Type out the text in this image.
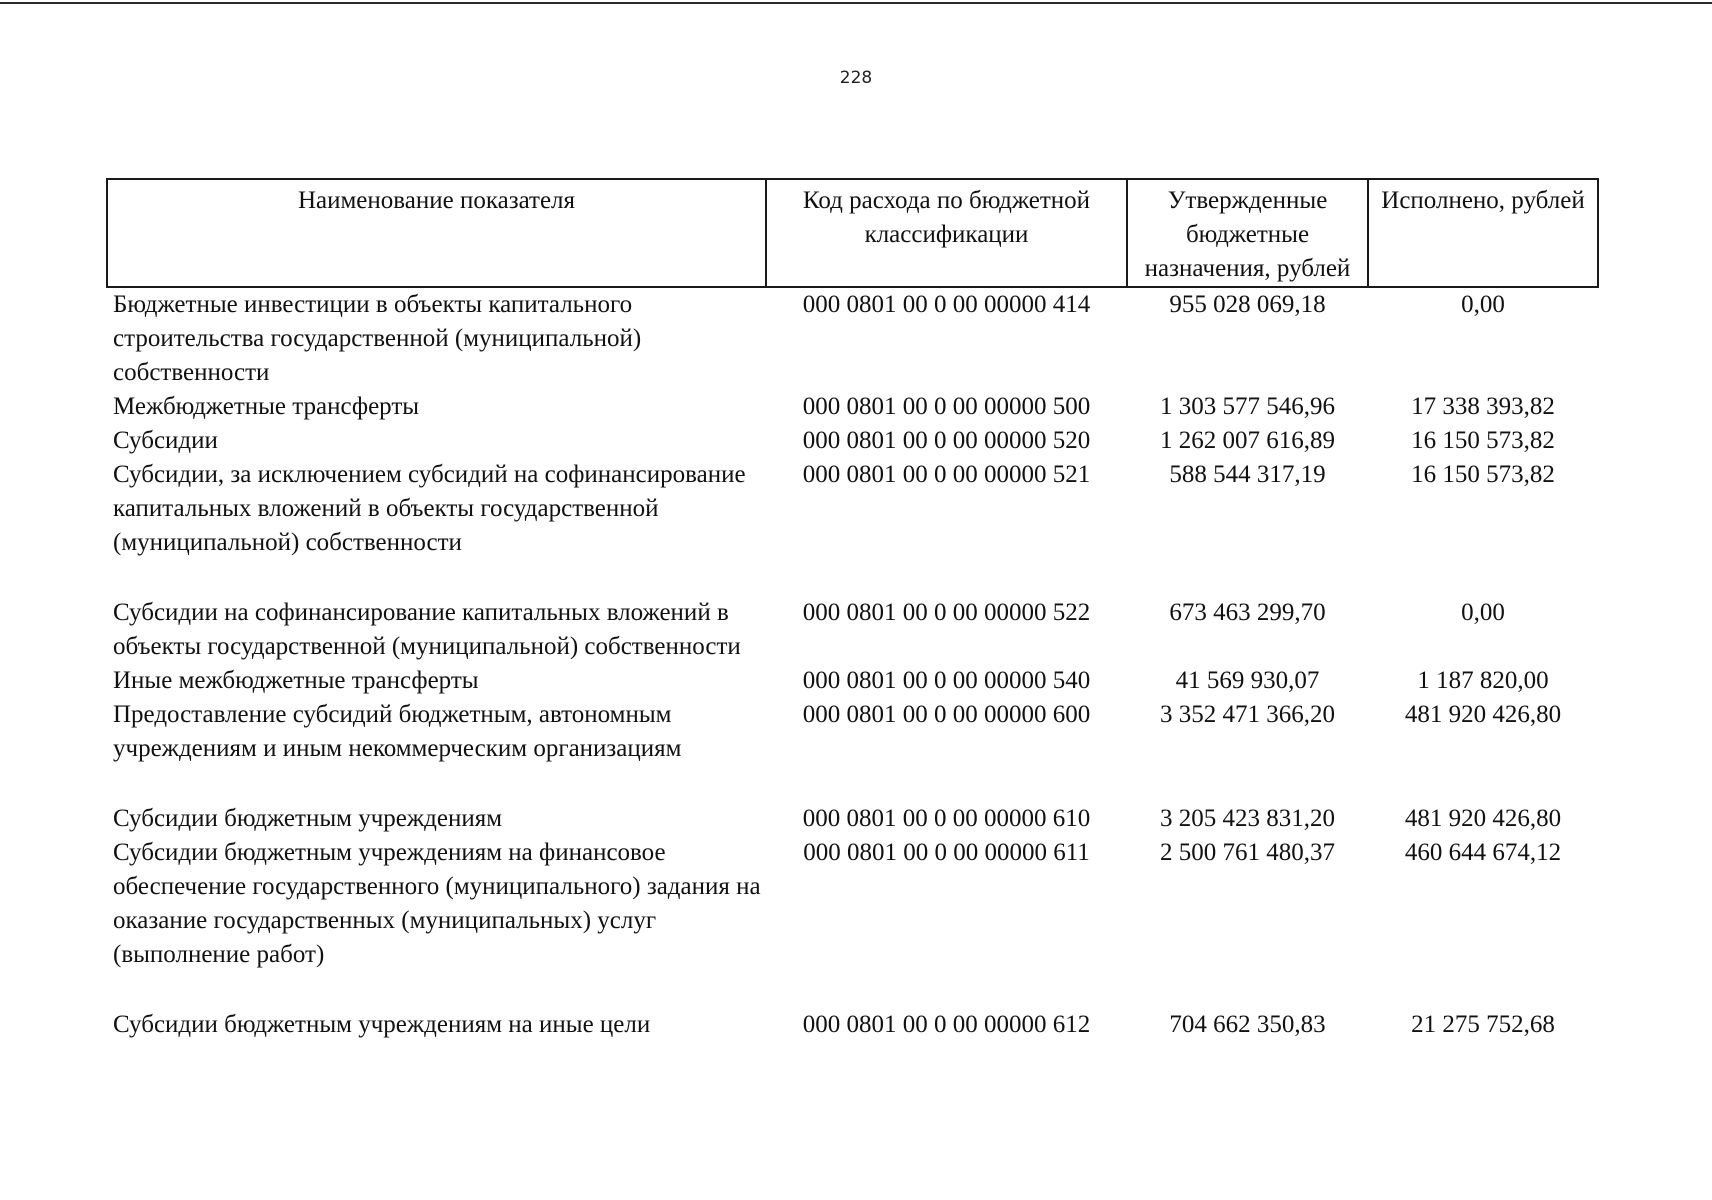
228
Наименование показателя	Код расхода по бюджетной классификации	Утвержденные бюджетные назначения, рублей	Исполнено, рублей
Бюджетные инвестиции в объекты капитального строительства государственной (муниципальной) собственности	000 0801 00 0 00 00000 414	955 028 069,18	0,00
Межбюджетные трансферты	000 0801 00 0 00 00000 500	1 303 577 546,96	17 338 393,82
Субсидии	000 0801 00 0 00 00000 520	1 262 007 616,89	16 150 573,82
Субсидии, за исключением субсидий на софинансирование капитальных вложений в объекты государственной (муниципальной) собственности	000 0801 00 0 00 00000 521	588 544 317,19	16 150 573,82
Субсидии на софинансирование капитальных вложений в объекты государственной (муниципальной) собственности	000 0801 00 0 00 00000 522	673 463 299,70	0,00
Иные межбюджетные трансферты	000 0801 00 0 00 00000 540	41 569 930,07	1 187 820,00
Предоставление субсидий бюджетным, автономным учреждениям и иным некоммерческим организациям	000 0801 00 0 00 00000 600	3 352 471 366,20	481 920 426,80
Субсидии бюджетным учреждениям	000 0801 00 0 00 00000 610	3 205 423 831,20	481 920 426,80
Субсидии бюджетным учреждениям на финансовое обеспечение государственного (муниципального) задания на оказание государственных (муниципальных) услуг (выполнение работ)	000 0801 00 0 00 00000 611	2 500 761 480,37	460 644 674,12
Субсидии бюджетным учреждениям на иные цели	000 0801 00 0 00 00000 612	704 662 350,83	21 275 752,68
